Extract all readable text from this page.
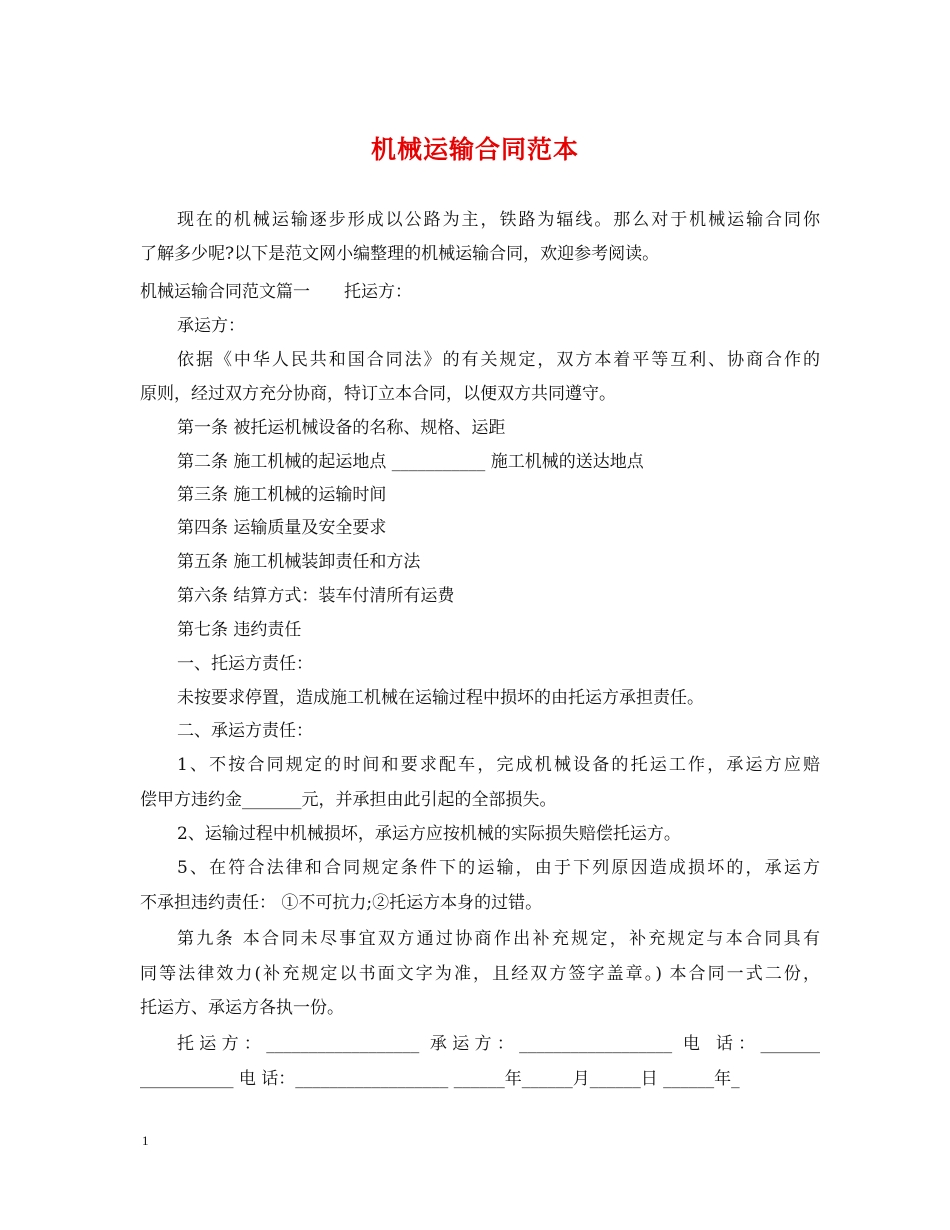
机械运输合同范本
现在的机械运输逐步形成以公路为主，铁路为辐线。那么对于机械运输合同你
了解多少呢?以下是范文网小编整理的机械运输合同，欢迎参考阅读。
机械运输合同范文篇一　　托运方：
承运方：
依据《中华人民共和国合同法》的有关规定，双方本着平等互利、协商合作的
原则，经过双方充分协商，特订立本合同，以便双方共同遵守。
第一条 被托运机械设备的名称、规格、运距
第二条 施工机械的起运地点 ___________ 施工机械的送达地点
第三条 施工机械的运输时间
第四条 运输质量及安全要求
第五条 施工机械装卸责任和方法
第六条 结算方式：装车付清所有运费
第七条 违约责任
一、托运方责任：
未按要求停置，造成施工机械在运输过程中损坏的由托运方承担责任。
二、承运方责任：
1、不按合同规定的时间和要求配车，完成机械设备的托运工作，承运方应赔
偿甲方违约金_______元，并承担由此引起的全部损失。
2、运输过程中机械损坏，承运方应按机械的实际损失赔偿托运方。
5、在符合法律和合同规定条件下的运输，由于下列原因造成损坏的，承运方
不承担违约责任： ①不可抗力;②托运方本身的过错。
第九条 本合同未尽事宜双方通过协商作出补充规定，补充规定与本合同具有
同等法律效力(补充规定以书面文字为准，且经双方签字盖章。) 本合同一式二份，
托运方、承运方各执一份。
托运方：__________________ 承运方：__________________ 电 话：_______
___________ 电 话：__________________ ______年______月______日 ______年_
1
